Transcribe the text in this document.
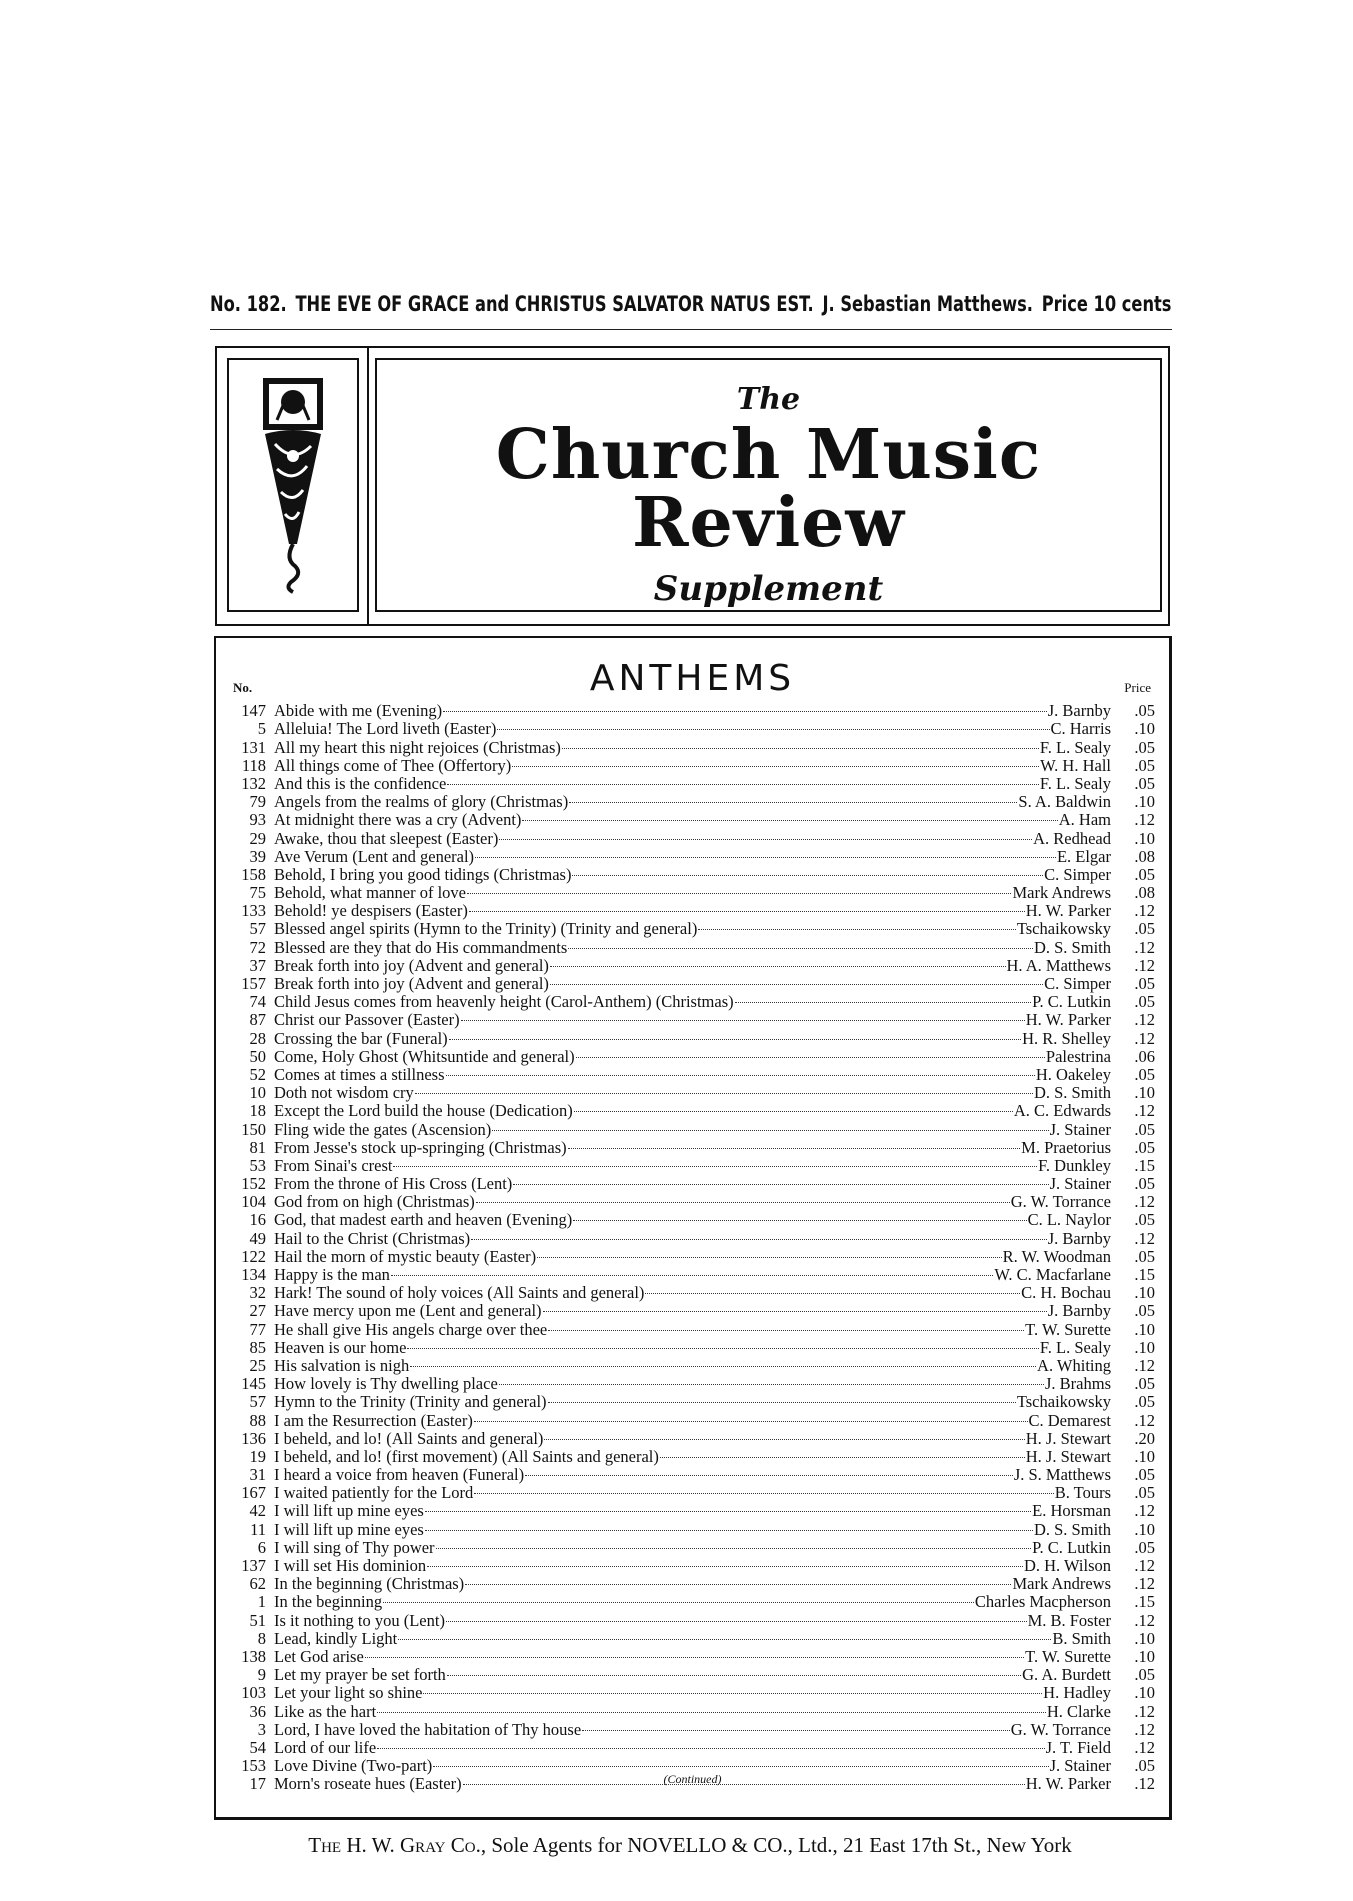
No. 182. THE EVE OF GRACE and CHRISTUS SALVATOR NATUS EST. J. Sebastian Matthews. Price 10 cents
The
Church Music Review
Supplement
ANTHEMS
No.	Price
147 Abide with me (Evening)	J. Barnby	.05
5 Alleluia! The Lord liveth (Easter)	C. Harris	.10
131 All my heart this night rejoices (Christmas)	F. L. Sealy	.05
118 All things come of Thee (Offertory)	W. H. Hall	.05
132 And this is the confidence	F. L. Sealy	.05
79 Angels from the realms of glory (Christmas)	S. A. Baldwin	.10
93 At midnight there was a cry (Advent)	A. Ham	.12
29 Awake, thou that sleepest (Easter)	A. Redhead	.10
39 Ave Verum (Lent and general)	E. Elgar	.08
158 Behold, I bring you good tidings (Christmas)	C. Simper	.05
75 Behold, what manner of love	Mark Andrews	.08
133 Behold! ye despisers (Easter)	H. W. Parker	.12
57 Blessed angel spirits (Hymn to the Trinity) (Trinity and general)	Tschaikowsky	.05
72 Blessed are they that do His commandments	D. S. Smith	.12
37 Break forth into joy (Advent and general)	H. A. Matthews	.12
157 Break forth into joy (Advent and general)	C. Simper	.05
74 Child Jesus comes from heavenly height (Carol-Anthem) (Christmas)	P. C. Lutkin	.05
87 Christ our Passover (Easter)	H. W. Parker	.12
28 Crossing the bar (Funeral)	H. R. Shelley	.12
50 Come, Holy Ghost (Whitsuntide and general)	Palestrina	.06
52 Comes at times a stillness	H. Oakeley	.05
10 Doth not wisdom cry	D. S. Smith	.10
18 Except the Lord build the house (Dedication)	A. C. Edwards	.12
150 Fling wide the gates (Ascension)	J. Stainer	.05
81 From Jesse's stock up-springing (Christmas)	M. Praetorius	.05
53 From Sinai's crest	F. Dunkley	.15
152 From the throne of His Cross (Lent)	J. Stainer	.05
104 God from on high (Christmas)	G. W. Torrance	.12
16 God, that madest earth and heaven (Evening)	C. L. Naylor	.05
49 Hail to the Christ (Christmas)	J. Barnby	.12
122 Hail the morn of mystic beauty (Easter)	R. W. Woodman	.05
134 Happy is the man	W. C. Macfarlane	.15
32 Hark! The sound of holy voices (All Saints and general)	C. H. Bochau	.10
27 Have mercy upon me (Lent and general)	J. Barnby	.05
77 He shall give His angels charge over thee	T. W. Surette	.10
85 Heaven is our home	F. L. Sealy	.10
25 His salvation is nigh	A. Whiting	.12
145 How lovely is Thy dwelling place	J. Brahms	.05
57 Hymn to the Trinity (Trinity and general)	Tschaikowsky	.05
88 I am the Resurrection (Easter)	C. Demarest	.12
136 I beheld, and lo! (All Saints and general)	H. J. Stewart	.20
19 I beheld, and lo! (first movement) (All Saints and general)	H. J. Stewart	.10
31 I heard a voice from heaven (Funeral)	J. S. Matthews	.05
167 I waited patiently for the Lord	B. Tours	.05
42 I will lift up mine eyes	E. Horsman	.12
11 I will lift up mine eyes	D. S. Smith	.10
6 I will sing of Thy power	P. C. Lutkin	.05
137 I will set His dominion	D. H. Wilson	.12
62 In the beginning (Christmas)	Mark Andrews	.12
1 In the beginning	Charles Macpherson	.15
51 Is it nothing to you (Lent)	M. B. Foster	.12
8 Lead, kindly Light	B. Smith	.10
138 Let God arise	T. W. Surette	.10
9 Let my prayer be set forth	G. A. Burdett	.05
103 Let your light so shine	H. Hadley	.10
36 Like as the hart	H. Clarke	.12
3 Lord, I have loved the habitation of Thy house	G. W. Torrance	.12
54 Lord of our life	J. T. Field	.12
153 Love Divine (Two-part)	J. Stainer	.05
17 Morn's roseate hues (Easter)	H. W. Parker	.12
(Continued)
The H. W. Gray Co., Sole Agents for NOVELLO & CO., Ltd., 21 East 17th St., New York
